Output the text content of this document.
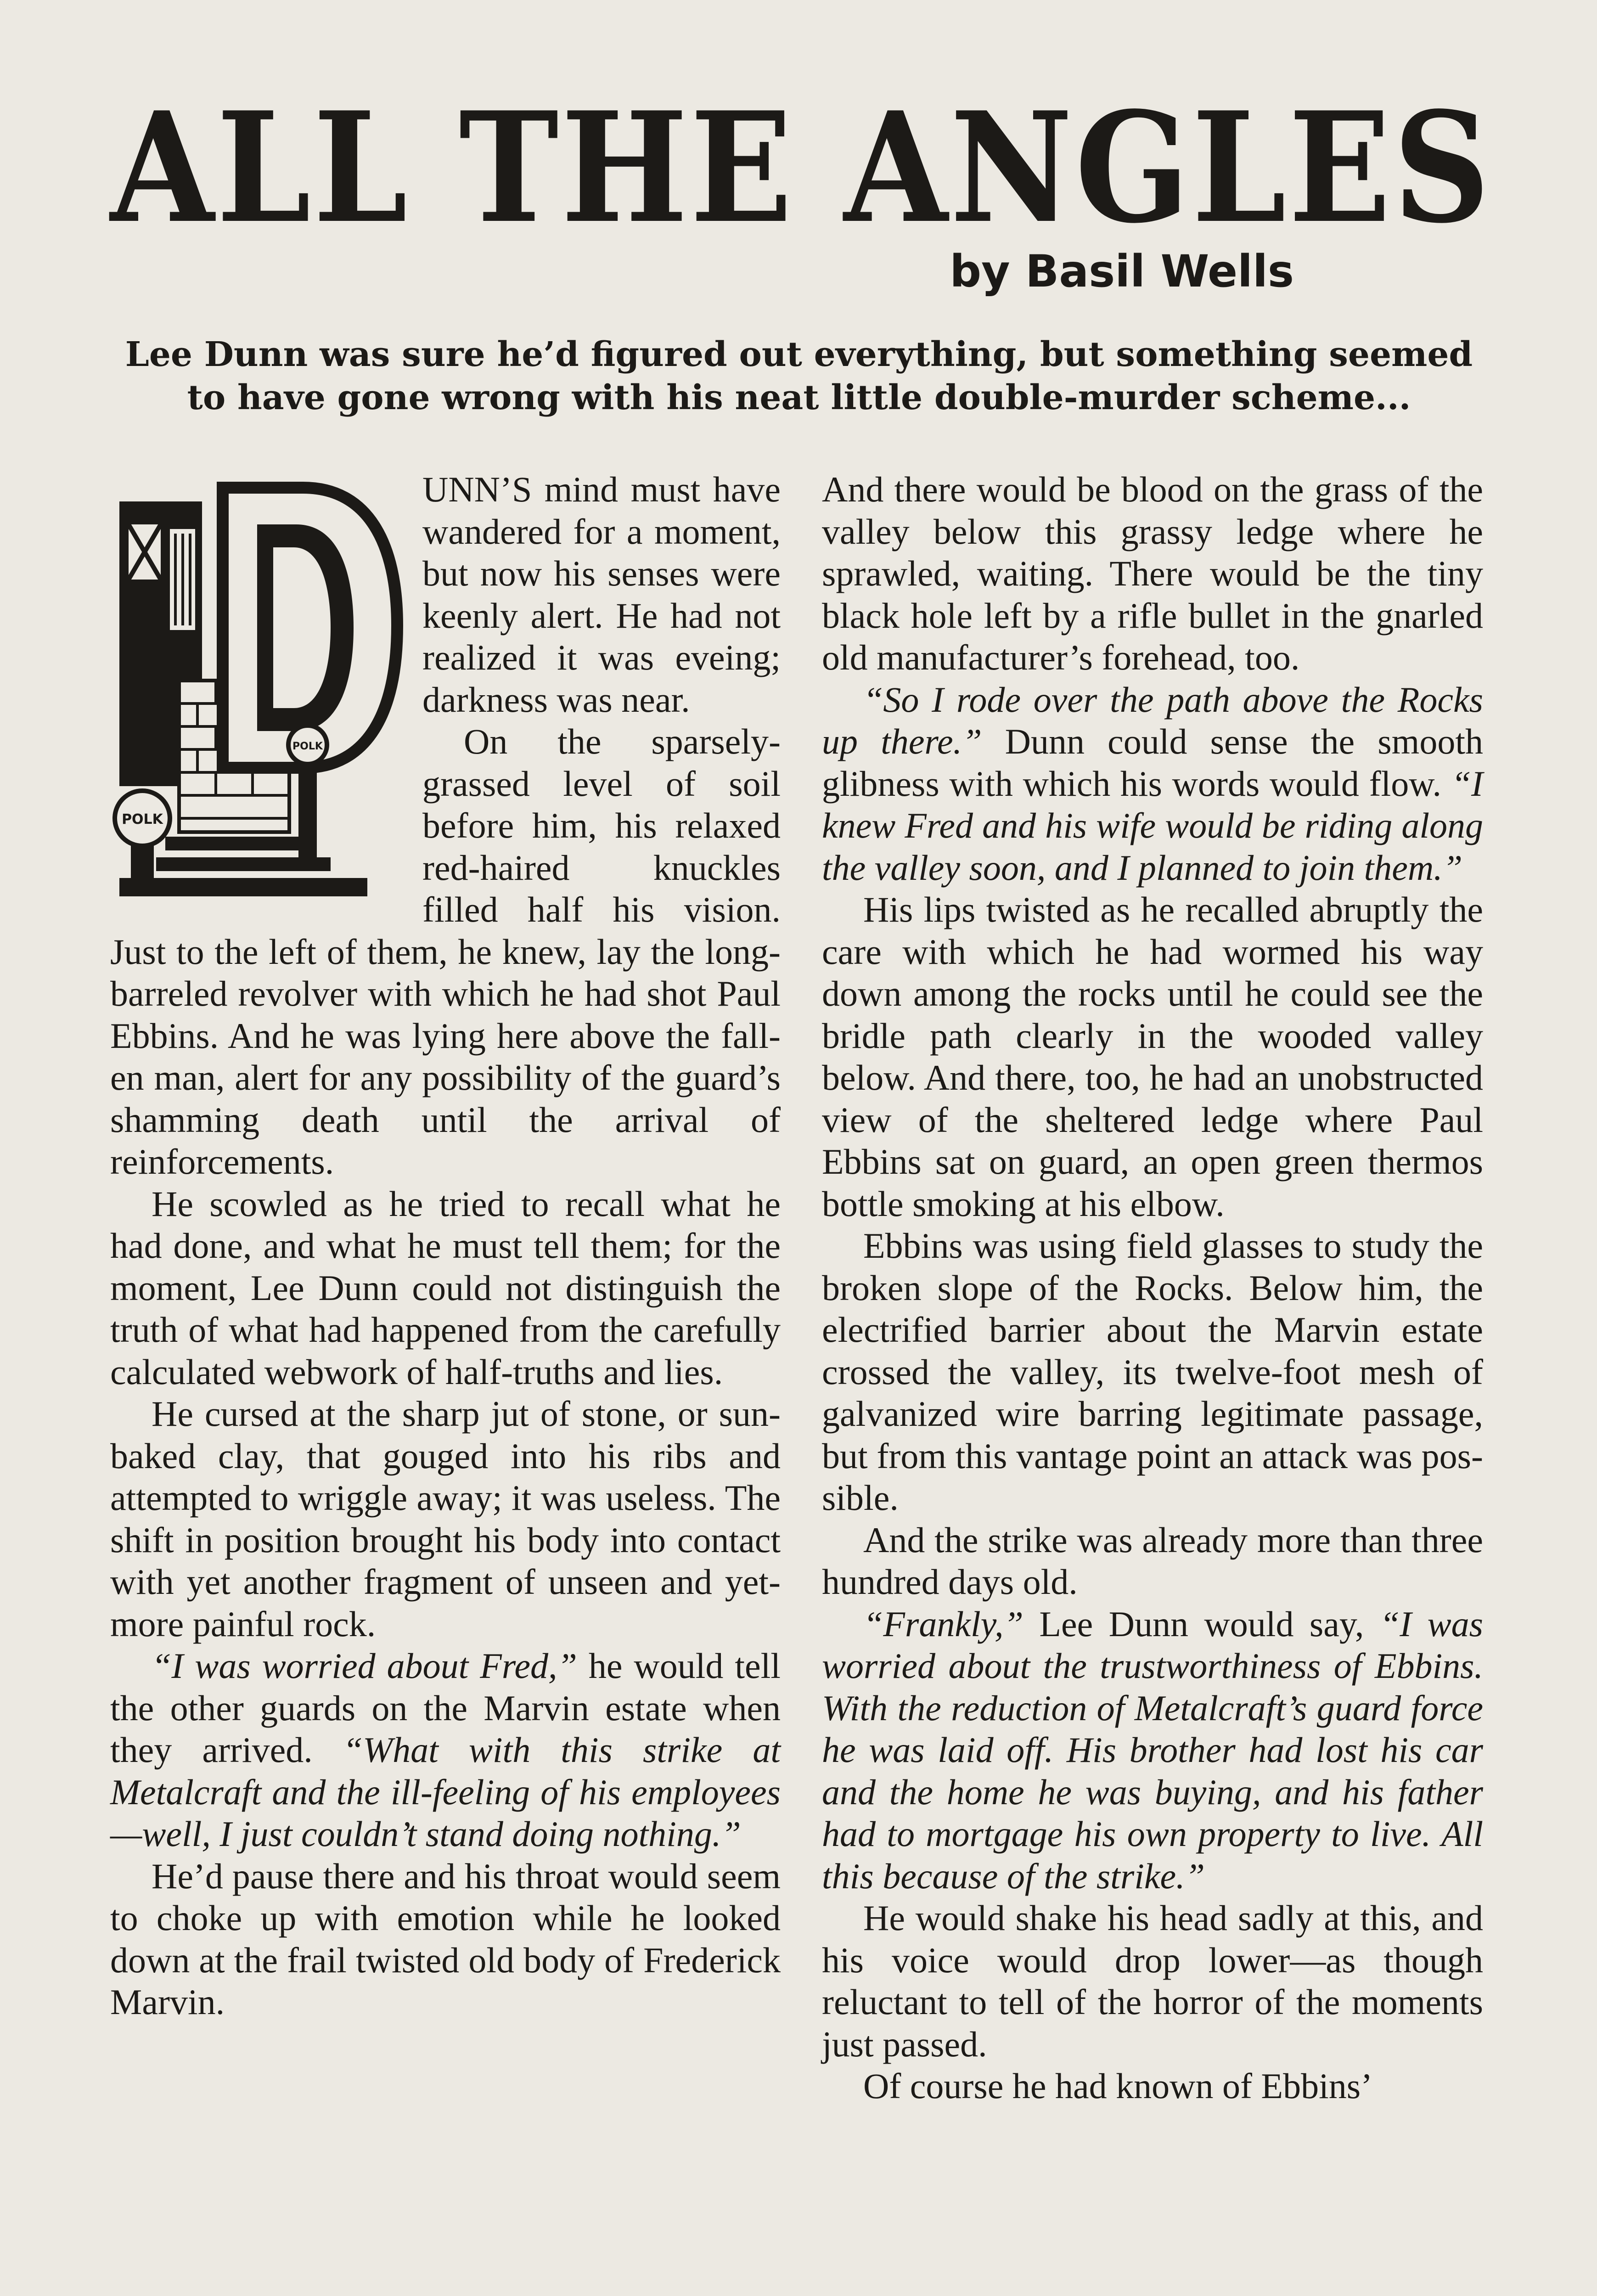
ALL THE ANGLES

by Basil Wells

Lee Dunn was sure he’d figured out everything, but something seemed to have gone wrong with his neat little double-murder scheme...

POLK
POLK

UNN’S mind must have wandered for a moment, but now his senses were keenly alert. He had not realized it was eveing; darkness was near.

On the sparsely-grassed level of soil before him, his relaxed red-haired knuckles filled half his vision. Just to the left of them, he knew, lay the long-barreled revolver with which he had shot Paul Ebbins. And he was lying here above the fallen man, alert for any possibility of the guard’s shamming death until the arrival of reinforcements.

He scowled as he tried to recall what he had done, and what he must tell them; for the moment, Lee Dunn could not distinguish the truth of what had happened from the carefully calculated webwork of half-truths and lies.

He cursed at the sharp jut of stone, or sun-baked clay, that gouged into his ribs and attempted to wriggle away; it was useless. The shift in position brought his body into contact with yet another fragment of unseen and yet-more painful rock.

“I was worried about Fred,” he would tell the other guards on the Marvin estate when they arrived. “What with this strike at Metalcraft and the ill-feeling of his employees—well, I just couldn’t stand doing nothing.”

He’d pause there and his throat would seem to choke up with emotion while he looked down at the frail twisted old body of Frederick Marvin.

And there would be blood on the grass of the valley below this grassy ledge where he sprawled, waiting. There would be the tiny black hole left by a rifle bullet in the gnarled old manufacturer’s forehead, too.

“So I rode over the path above the Rocks up there.” Dunn could sense the smooth glibness with which his words would flow. “I knew Fred and his wife would be riding along the valley soon, and I planned to join them.”

His lips twisted as he recalled abruptly the care with which he had wormed his way down among the rocks until he could see the bridle path clearly in the wooded valley below. And there, too, he had an unobstructed view of the sheltered ledge where Paul Ebbins sat on guard, an open green thermos bottle smoking at his elbow.

Ebbins was using field glasses to study the broken slope of the Rocks. Below him, the electrified barrier about the Marvin estate crossed the valley, its twelve-foot mesh of galvanized wire barring legitimate passage, but from this vantage point an attack was possible.

And the strike was already more than three hundred days old.

“Frankly,” Lee Dunn would say, “I was worried about the trustworthiness of Ebbins. With the reduction of Metalcraft’s guard force he was laid off. His brother had lost his car and the home he was buying, and his father had to mortgage his own property to live. All this because of the strike.”

He would shake his head sadly at this, and his voice would drop lower—as though reluctant to tell of the horror of the moments just passed.

Of course he had known of Ebbins’
